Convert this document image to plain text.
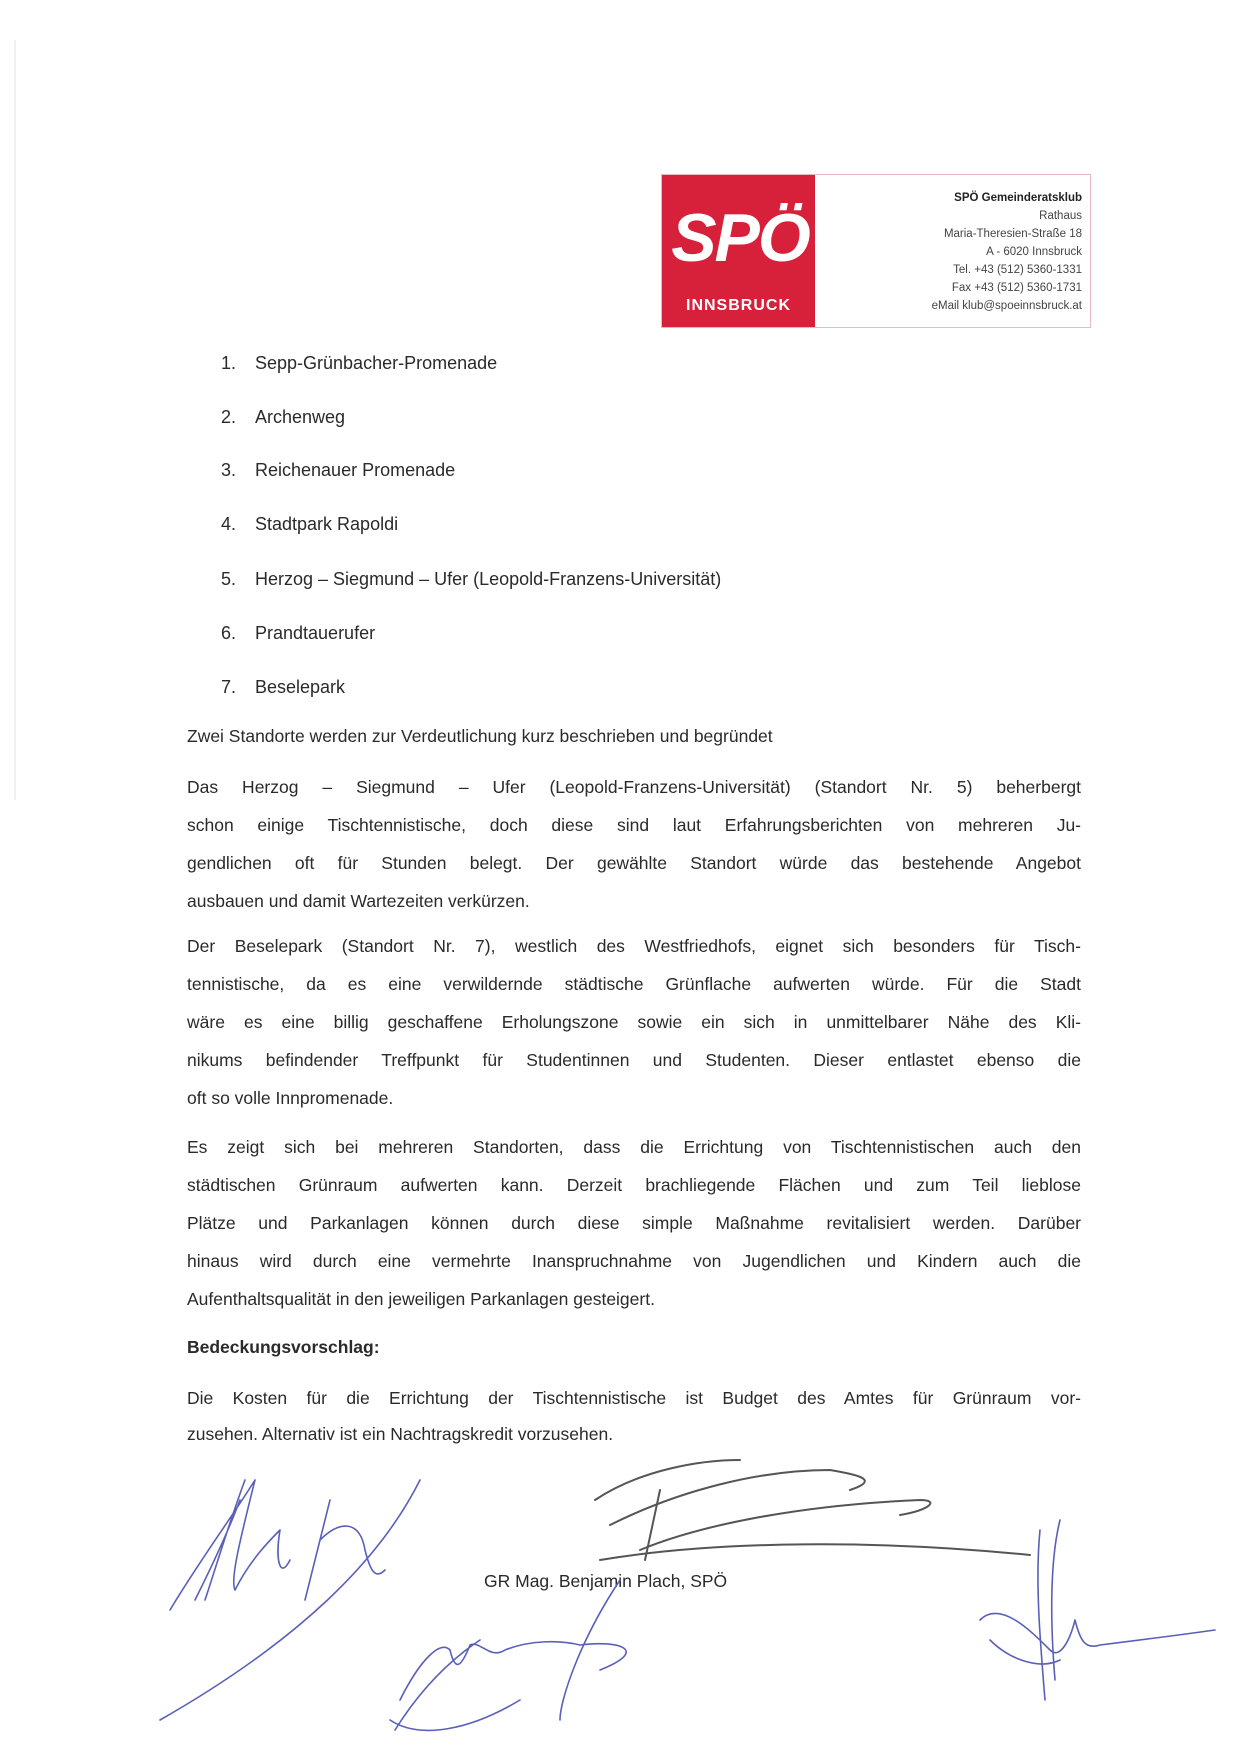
SPÖ
INNSBRUCK
SPÖ Gemeinderatsklub
Rathaus
Maria-Theresien-Straße 18
A - 6020 Innsbruck
Tel. +43 (512) 5360-1331
Fax +43 (512) 5360-1731
eMail klub@spoeinnsbruck.at
1. Sepp-Grünbacher-Promenade
2. Archenweg
3. Reichenauer Promenade
4. Stadtpark Rapoldi
5. Herzog – Siegmund – Ufer (Leopold-Franzens-Universität)
6. Prandtauerufer
7. Beselepark
Zwei Standorte werden zur Verdeutlichung kurz beschrieben und begründet
Das Herzog – Siegmund – Ufer (Leopold-Franzens-Universität) (Standort Nr. 5) beherbergt
schon einige Tischtennistische, doch diese sind laut Erfahrungsberichten von mehreren Ju-
gendlichen oft für Stunden belegt. Der gewählte Standort würde das bestehende Angebot
ausbauen und damit Wartezeiten verkürzen.
Der Beselepark (Standort Nr. 7), westlich des Westfriedhofs, eignet sich besonders für Tisch-
tennistische, da es eine verwildernde städtische Grünflache aufwerten würde. Für die Stadt
wäre es eine billig geschaffene Erholungszone sowie ein sich in unmittelbarer Nähe des Kli-
nikums befindender Treffpunkt für Studentinnen und Studenten. Dieser entlastet ebenso die
oft so volle Innpromenade.
Es zeigt sich bei mehreren Standorten, dass die Errichtung von Tischtennistischen auch den
städtischen Grünraum aufwerten kann. Derzeit brachliegende Flächen und zum Teil lieblose
Plätze und Parkanlagen können durch diese simple Maßnahme revitalisiert werden. Darüber
hinaus wird durch eine vermehrte Inanspruchnahme von Jugendlichen und Kindern auch die
Aufenthaltsqualität in den jeweiligen Parkanlagen gesteigert.
Bedeckungsvorschlag:
Die Kosten für die Errichtung der Tischtennistische ist Budget des Amtes für Grünraum vor-
zusehen. Alternativ ist ein Nachtragskredit vorzusehen.
GR Mag. Benjamin Plach, SPÖ
